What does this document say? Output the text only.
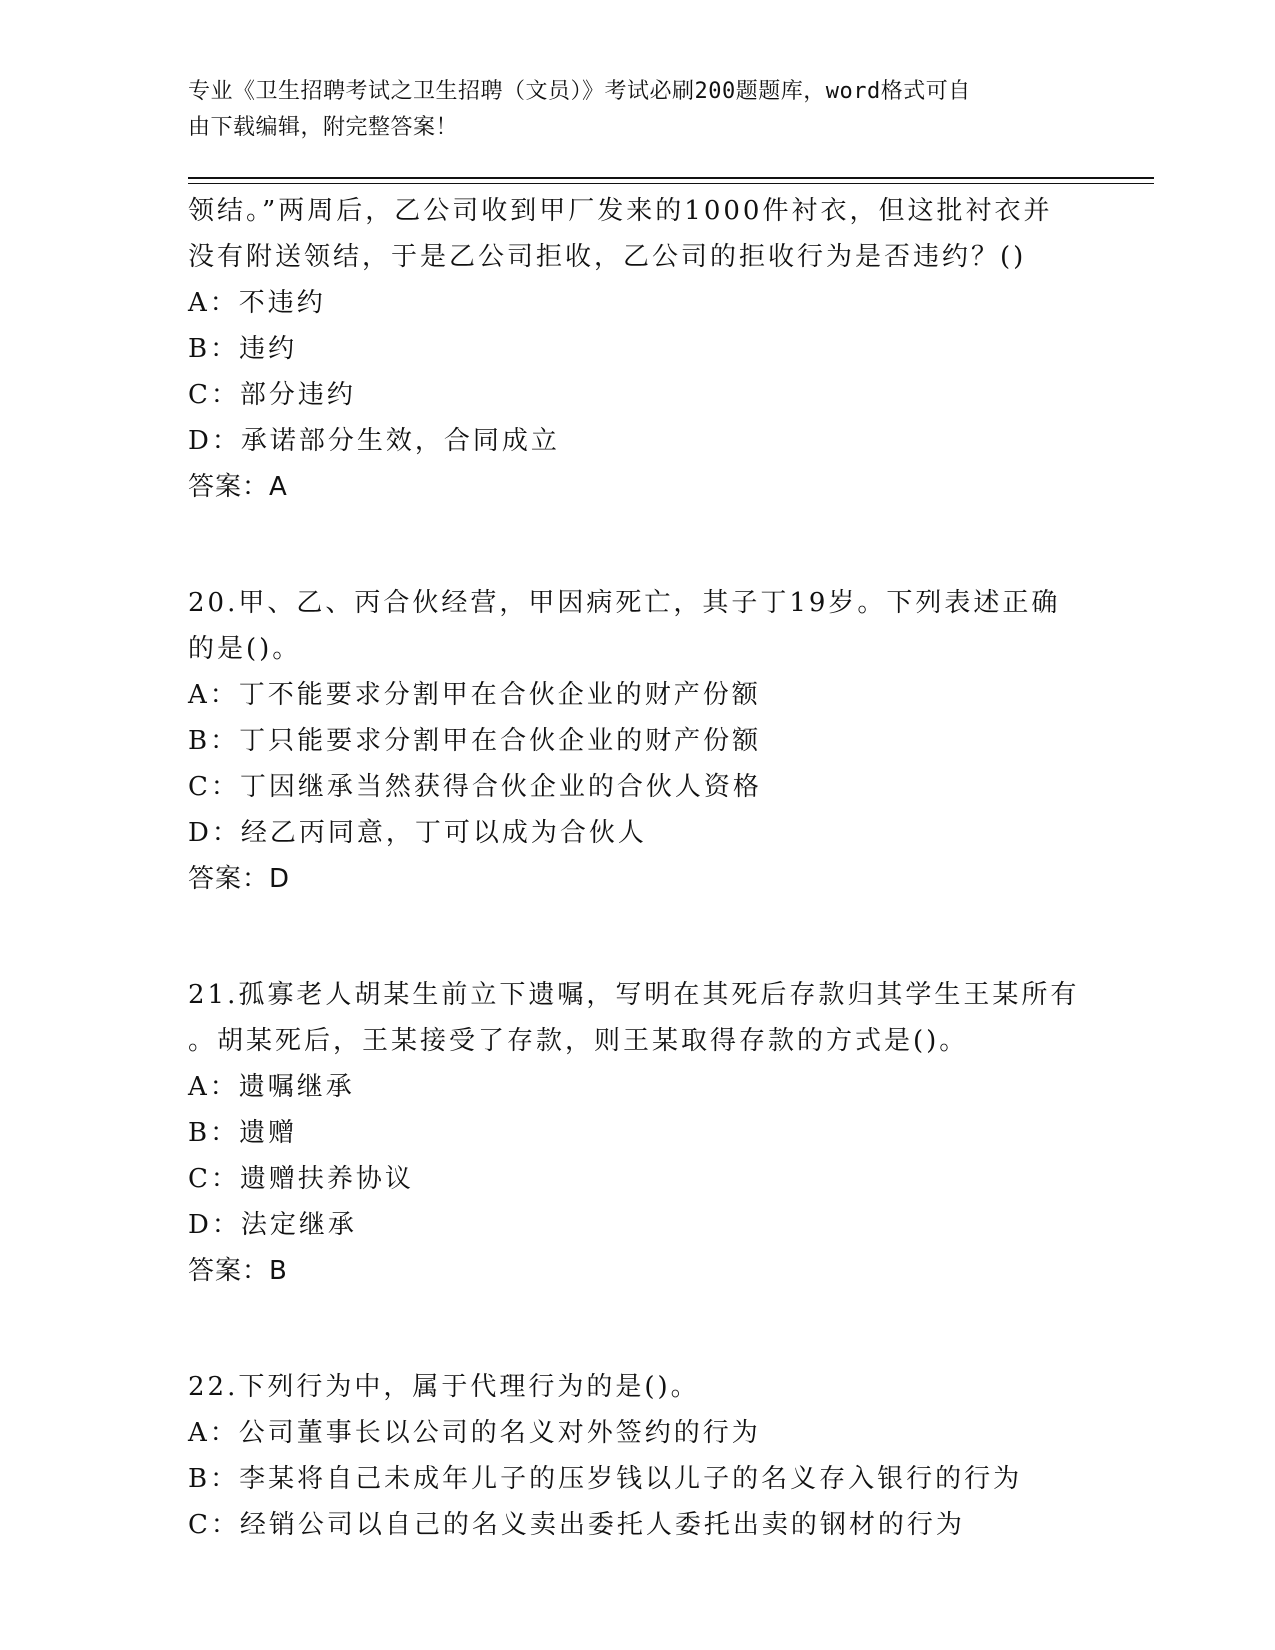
专业《卫生招聘考试之卫生招聘（文员）》考试必刷200题题库，word格式可自
由下载编辑，附完整答案！
领结。”两周后，乙公司收到甲厂发来的1000件衬衣，但这批衬衣并
没有附送领结，于是乙公司拒收，乙公司的拒收行为是否违约？()
A：不违约
B：违约
C：部分违约
D：承诺部分生效，合同成立
答案：A
20.甲、乙、丙合伙经营，甲因病死亡，其子丁19岁。下列表述正确
的是()。
A：丁不能要求分割甲在合伙企业的财产份额
B：丁只能要求分割甲在合伙企业的财产份额
C：丁因继承当然获得合伙企业的合伙人资格
D：经乙丙同意，丁可以成为合伙人
答案：D
21.孤寡老人胡某生前立下遗嘱，写明在其死后存款归其学生王某所有
。胡某死后，王某接受了存款，则王某取得存款的方式是()。
A：遗嘱继承
B：遗赠
C：遗赠扶养协议
D：法定继承
答案：B
22.下列行为中，属于代理行为的是()。
A：公司董事长以公司的名义对外签约的行为
B：李某将自己未成年儿子的压岁钱以儿子的名义存入银行的行为
C：经销公司以自己的名义卖出委托人委托出卖的钢材的行为
